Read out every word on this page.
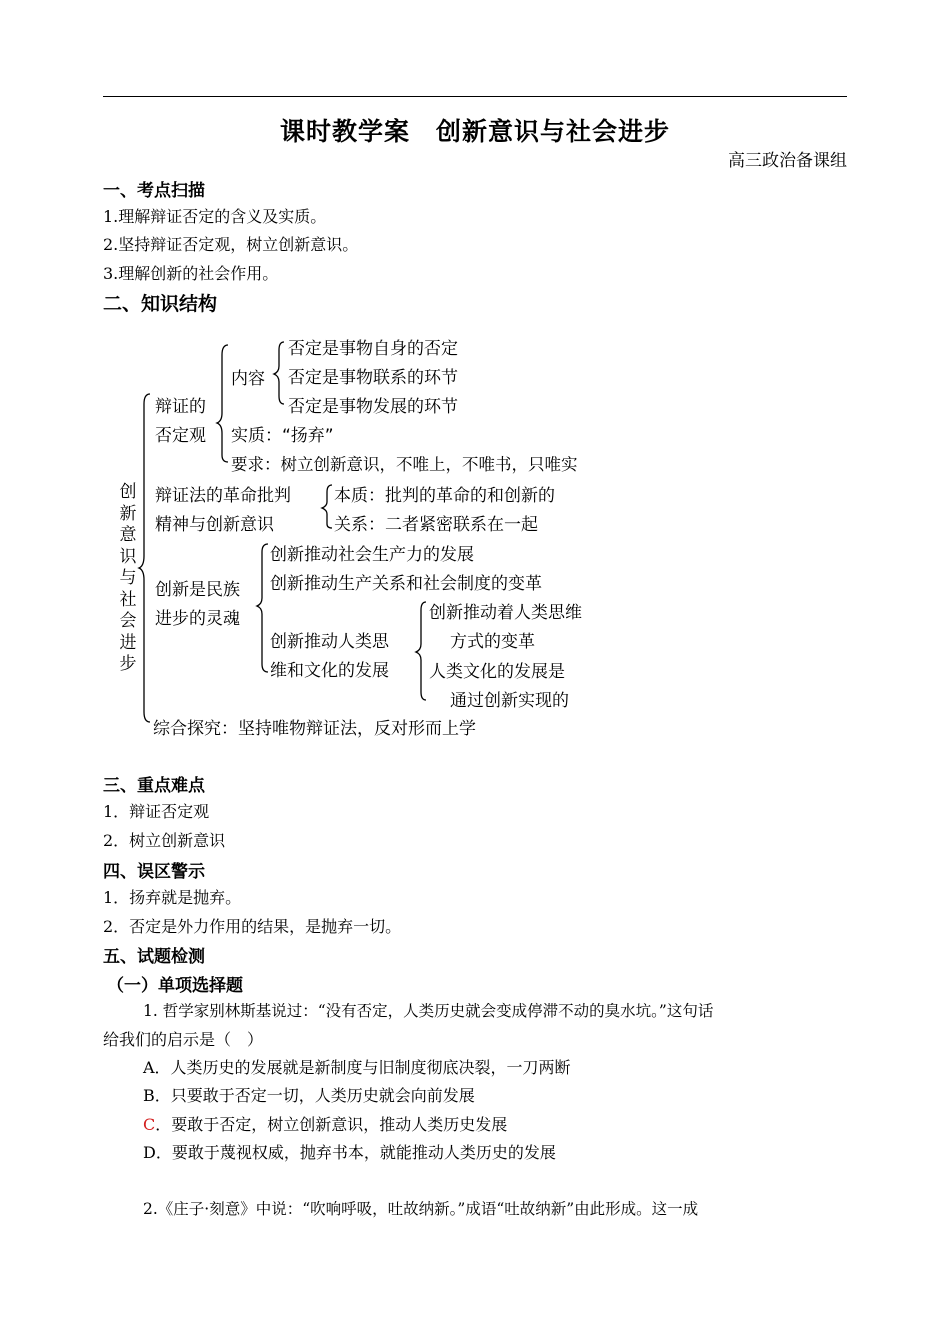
课时教学案　创新意识与社会进步
高三政治备课组
一、考点扫描
1.理解辩证否定的含义及实质。
2.坚持辩证否定观，树立创新意识。
3.理解创新的社会作用。
二、知识结构
创
新
意
识
与
社
会
进
步
辩证的
否定观
内容
否定是事物自身的否定
否定是事物联系的环节
否定是事物发展的环节
实质：“扬弃”
要求：树立创新意识，不唯上，不唯书，只唯实
辩证法的革命批判
精神与创新意识
本质：批判的革命的和创新的
关系：二者紧密联系在一起
创新是民族
进步的灵魂
创新推动社会生产力的发展
创新推动生产关系和社会制度的变革
创新推动人类思
维和文化的发展
创新推动着人类思维
方式的变革
人类文化的发展是
通过创新实现的
综合探究：坚持唯物辩证法，反对形而上学
三、重点难点
1．辩证否定观
2．树立创新意识
四、误区警示
1．扬弃就是抛弃。
2．否定是外力作用的结果，是抛弃一切。
五、试题检测
（一）单项选择题
1. 哲学家别林斯基说过：“没有否定，人类历史就会变成停滞不动的臭水坑。”这句话
给我们的启示是（　）
A．人类历史的发展就是新制度与旧制度彻底决裂，一刀两断
B．只要敢于否定一切，人类历史就会向前发展
C．要敢于否定，树立创新意识，推动人类历史发展
D．要敢于蔑视权威，抛弃书本，就能推动人类历史的发展
2.《庄子·刻意》中说：“吹响呼吸，吐故纳新。”成语“吐故纳新”由此形成。这一成
